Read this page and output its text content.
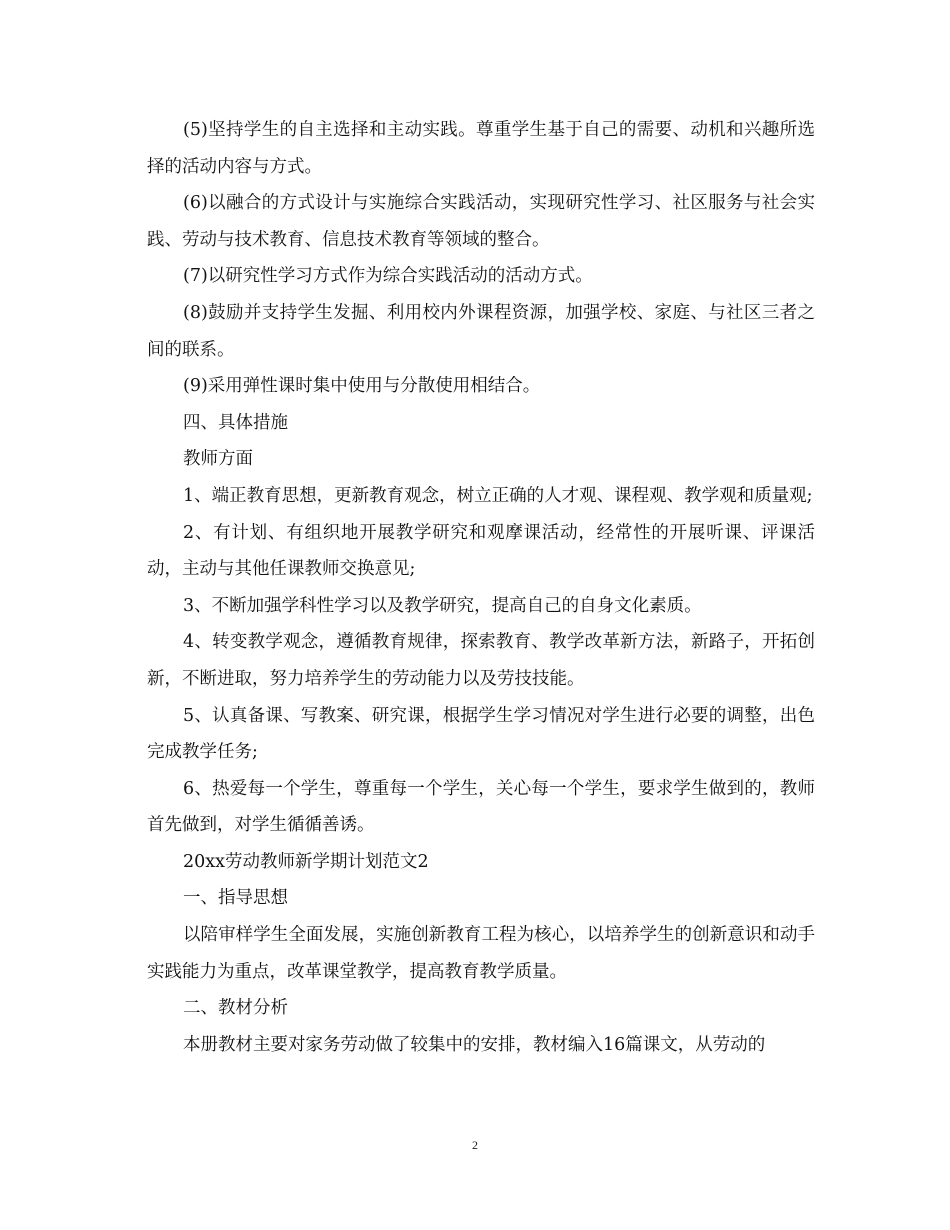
(5)坚持学生的自主选择和主动实践。尊重学生基于自己的需要、动机和兴趣所选择的活动内容与方式。

(6)以融合的方式设计与实施综合实践活动，实现研究性学习、社区服务与社会实践、劳动与技术教育、信息技术教育等领域的整合。

(7)以研究性学习方式作为综合实践活动的活动方式。

(8)鼓励并支持学生发掘、利用校内外课程资源，加强学校、家庭、与社区三者之间的联系。

(9)采用弹性课时集中使用与分散使用相结合。

四、具体措施

教师方面

1、端正教育思想，更新教育观念，树立正确的人才观、课程观、教学观和质量观;

2、有计划、有组织地开展教学研究和观摩课活动，经常性的开展听课、评课活动，主动与其他任课教师交换意见;

3、不断加强学科性学习以及教学研究，提高自己的自身文化素质。

4、转变教学观念，遵循教育规律，探索教育、教学改革新方法，新路子，开拓创新，不断进取，努力培养学生的劳动能力以及劳技技能。

5、认真备课、写教案、研究课，根据学生学习情况对学生进行必要的调整，出色完成教学任务;

6、热爱每一个学生，尊重每一个学生，关心每一个学生，要求学生做到的，教师首先做到，对学生循循善诱。

20xx劳动教师新学期计划范文2

一、指导思想

以陪审样学生全面发展，实施创新教育工程为核心，以培养学生的创新意识和动手实践能力为重点，改革课堂教学，提高教育教学质量。

二、教材分析

本册教材主要对家务劳动做了较集中的安排，教材编入16篇课文，从劳动的

2
